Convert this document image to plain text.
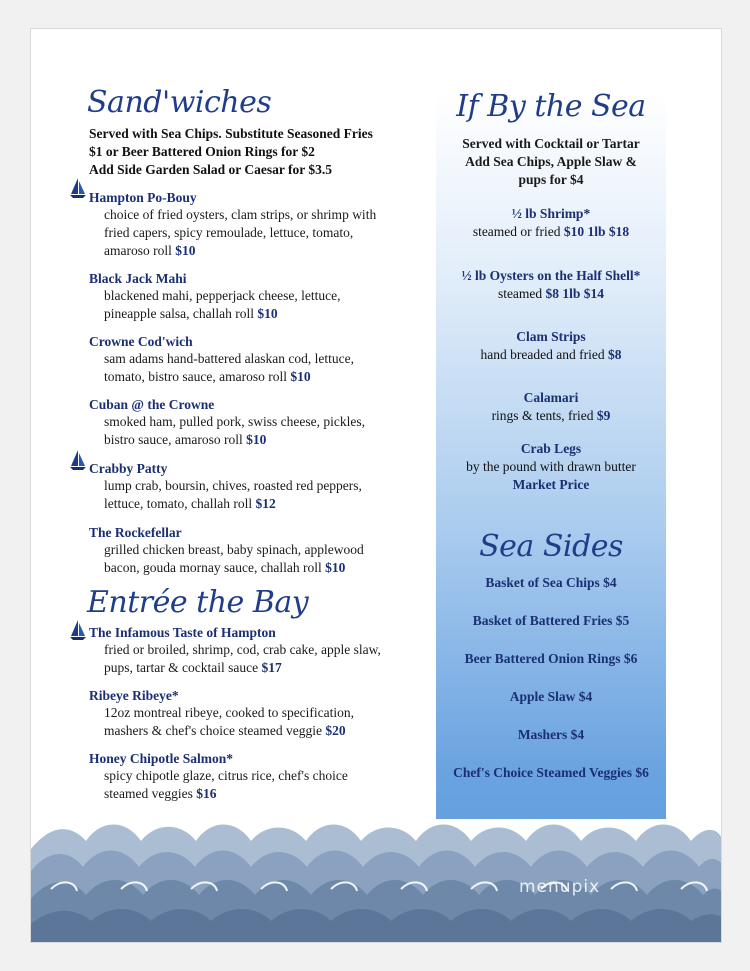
Sand'wiches
Served with Sea Chips. Substitute Seasoned Fries
$1 or Beer Battered Onion Rings for $2
Add Side Garden Salad or Caesar for $3.5
Hampton Po-Bouy
choice of fried oysters, clam strips, or shrimp with
fried capers, spicy remoulade, lettuce, tomato,
amaroso roll $10
Black Jack Mahi
blackened mahi, pepperjack cheese, lettuce,
pineapple salsa, challah roll $10
Crowne Cod'wich
sam adams hand-battered alaskan cod, lettuce,
tomato, bistro sauce, amaroso roll $10
Cuban @ the Crowne
smoked ham, pulled pork, swiss cheese, pickles,
bistro sauce, amaroso roll $10
Crabby Patty
lump crab, boursin, chives, roasted red peppers,
lettuce, tomato, challah roll $12
The Rockefellar
grilled chicken breast, baby spinach, applewood
bacon, gouda mornay sauce, challah roll $10
Entrée the Bay
The Infamous Taste of Hampton
fried or broiled, shrimp, cod, crab cake, apple slaw,
pups, tartar & cocktail sauce $17
Ribeye Ribeye*
12oz montreal ribeye, cooked to specification,
mashers & chef's choice steamed veggie $20
Honey Chipotle Salmon*
spicy chipotle glaze, citrus rice, chef's choice
steamed veggies $16
If By the Sea
Served with Cocktail or Tartar
Add Sea Chips, Apple Slaw &
pups for $4
½ lb Shrimp*
steamed or fried $10 1lb $18
½ lb Oysters on the Half Shell*
steamed $8 1lb $14
Clam Strips
hand breaded and fried $8
Calamari
rings & tents, fried $9
Crab Legs
by the pound with drawn butter
Market Price
Sea Sides
Basket of Sea Chips $4
Basket of Battered Fries $5
Beer Battered Onion Rings $6
Apple Slaw $4
Mashers $4
Chef's Choice Steamed Veggies $6
menupix
